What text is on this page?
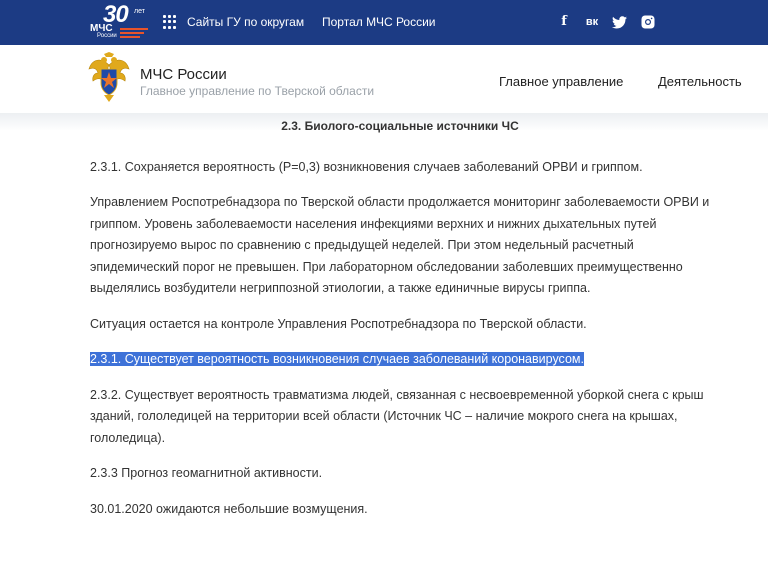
30 лет
МЧС
России
Сайты ГУ по округам Портал МЧС России	f	вк
МЧС России
Главное управление по Тверской области
Главное управление	Деятельность
2.3. Биолого-социальные источники ЧС

2.3.1. Сохраняется вероятность (Р=0,3) возникновения случаев заболеваний ОРВИ и гриппом.

Управлением Роспотребнадзора по Тверской области продолжается мониторинг заболеваемости ОРВИ и гриппом. Уровень заболеваемости населения инфекциями верхних и нижних дыхательных путей прогнозируемо вырос по сравнению с предыдущей неделей. При этом недельный расчетный эпидемический порог не превышен. При лабораторном обследовании заболевших преимущественно выделялись возбудители негриппозной этиологии, а также единичные вирусы гриппа.

Ситуация остается на контроле Управления Роспотребнадзора по Тверской области.

2.3.1. Существует вероятность возникновения случаев заболеваний коронавирусом.

2.3.2. Существует вероятность травматизма людей, связанная с несвоевременной уборкой снега с крыш зданий, гололедицей на территории всей области (Источник ЧС – наличие мокрого снега на крышах, гололедица).

2.3.3 Прогноз геомагнитной активности.

30.01.2020 ожидаются небольшие возмущения.
